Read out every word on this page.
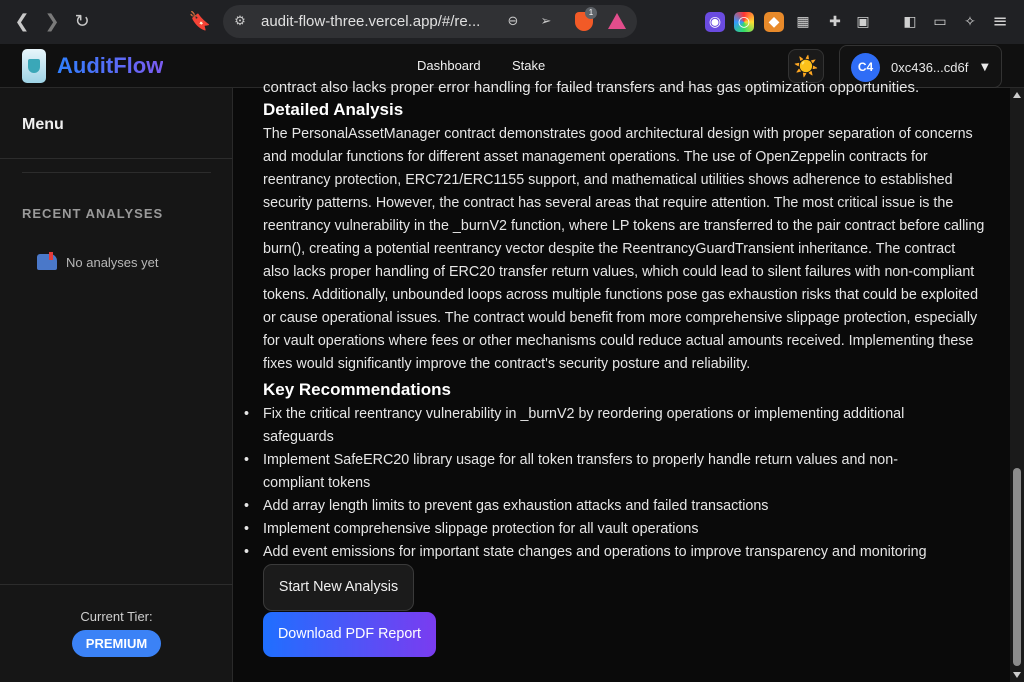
❮ ❯ ↻	🔖 ⚙ audit-flow-three.vercel.app/#/re...	⊖ ➢
1
◉ ○	◆	▦ ✚ ▣ ◧ ▭ ✧ ≡
AuditFlow	Dashboard Stake	☀️	C4	0xc436...cd6f ▼
Menu
RECENT ANALYSES
No analyses yet
Current Tier:
PREMIUM
contract also lacks proper error handling for failed transfers and has gas optimization opportunities.
Detailed Analysis
The PersonalAssetManager contract demonstrates good architectural design with proper separation of concerns and modular functions for different asset management operations. The use of OpenZeppelin contracts for reentrancy protection, ERC721/ERC1155 support, and mathematical utilities shows adherence to established security patterns. However, the contract has several areas that require attention. The most critical issue is the reentrancy vulnerability in the _burnV2 function, where LP tokens are transferred to the pair contract before calling burn(), creating a potential reentrancy vector despite the ReentrancyGuardTransient inheritance. The contract also lacks proper handling of ERC20 transfer return values, which could lead to silent failures with non-compliant tokens. Additionally, unbounded loops across multiple functions pose gas exhaustion risks that could be exploited or cause operational issues. The contract would benefit from more comprehensive slippage protection, especially for vault operations where fees or other mechanisms could reduce actual amounts received. Implementing these fixes would significantly improve the contract's security posture and reliability.
Key Recommendations
• Fix the critical reentrancy vulnerability in _burnV2 by reordering operations or implementing additional safeguards
• Implement SafeERC20 library usage for all token transfers to properly handle return values and non-compliant tokens
• Add array length limits to prevent gas exhaustion attacks and failed transactions
• Implement comprehensive slippage protection for all vault operations
• Add event emissions for important state changes and operations to improve transparency and monitoring
Start New Analysis
Download PDF Report
